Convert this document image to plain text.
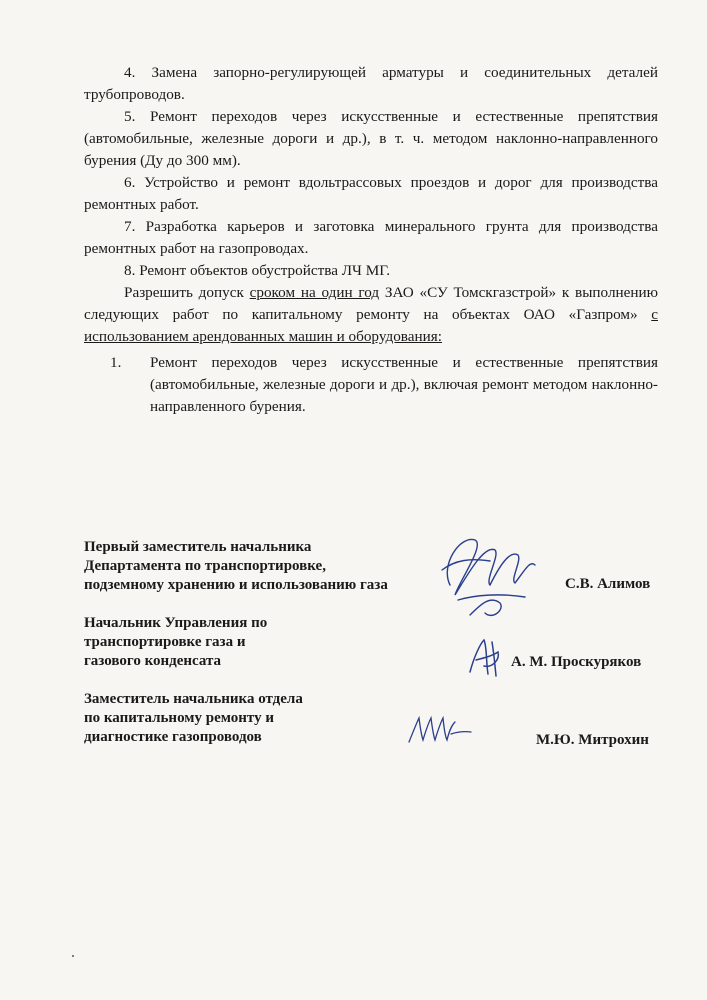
4. Замена запорно-регулирующей арматуры и соединительных деталей трубопроводов.

5. Ремонт переходов через искусственные и естественные препятствия (автомобильные, железные дороги и др.), в т. ч. методом наклонно-направленного бурения (Ду до 300 мм).

6. Устройство и ремонт вдольтрассовых проездов и дорог для производства ремонтных работ.

7. Разработка карьеров и заготовка минерального грунта для производства ремонтных работ на газопроводах.

8. Ремонт объектов обустройства ЛЧ МГ.

Разрешить допуск сроком на один год ЗАО «СУ Томскгазстрой» к выполнению следующих работ по капитальному ремонту на объектах ОАО «Газпром» с использованием арендованных машин и оборудования:

1. Ремонт переходов через искусственные и естественные препятствия (автомобильные, железные дороги и др.), включая ремонт методом наклонно-направленного бурения.
Первый заместитель начальника
Департамента по транспортировке,
подземному хранению и использованию газа	С.В. Алимов
Начальник Управления по
транспортировке газа и
газового конденсата	А. М. Проскуряков
Заместитель начальника отдела
по капитальному ремонту и
диагностике газопроводов	М.Ю. Митрохин
